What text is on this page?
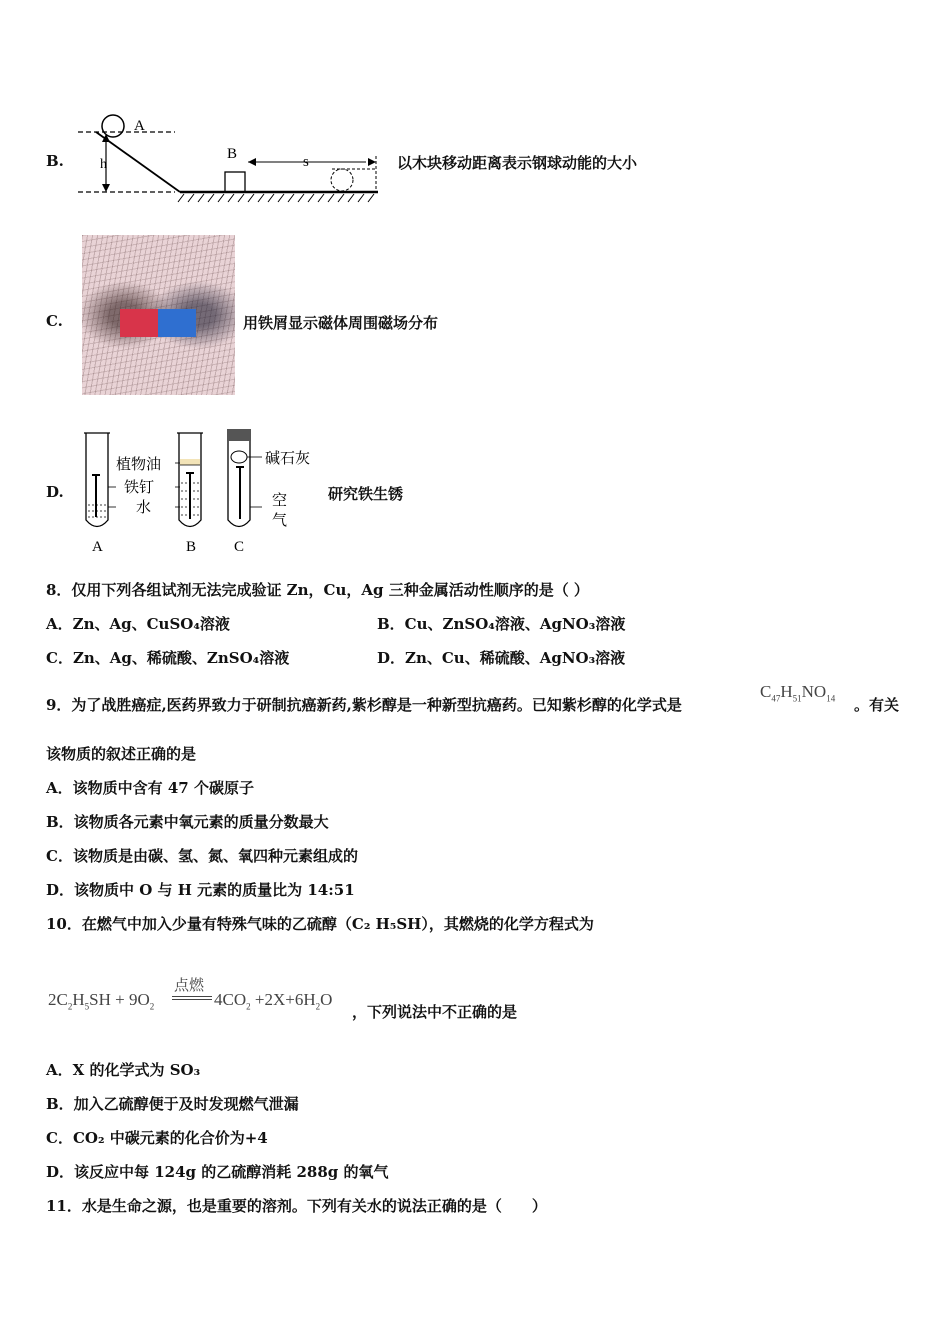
B.
A
h
B	s	以木块移动距离表示钢球动能的大小
C.	用铁屑显示磁体周围磁场分布
D.
植物油
铁钉
水
碱石灰
空
气
A	B	C
研究铁生锈
8．仅用下列各组试剂无法完成验证 Zn，Cu，Ag 三种金属活动性顺序的是（ ）
A．Zn、Ag、CuSO₄溶液	B．Cu、ZnSO₄溶液、AgNO₃溶液
C．Zn、Ag、稀硫酸、ZnSO₄溶液	D．Zn、Cu、稀硫酸、AgNO₃溶液
9．为了战胜癌症,医药界致力于研制抗癌新药,紫杉醇是一种新型抗癌药。已知紫杉醇的化学式是
$C_{47}H_{51}NO_{14}$ 。有关
该物质的叙述正确的是
A．该物质中含有 47 个碳原子
B．该物质各元素中氧元素的质量分数最大
C．该物质是由碳、氢、氮、氧四种元素组成的
D．该物质中 O 与 H 元素的质量比为 14:51
10．在燃气中加入少量有特殊气味的乙硫醇（C₂ H₅SH），其燃烧的化学方程式为
$2C_2H_5SH + 9O_2$
点燃
$4CO_2 +2X+6H_2O$
，下列说法中不正确的是
A．X 的化学式为 SO₃
B．加入乙硫醇便于及时发现燃气泄漏
C．CO₂ 中碳元素的化合价为+4
D．该反应中每 124g 的乙硫醇消耗 288g 的氧气
11．水是生命之源，也是重要的溶剂。下列有关水的说法正确的是（　　）
